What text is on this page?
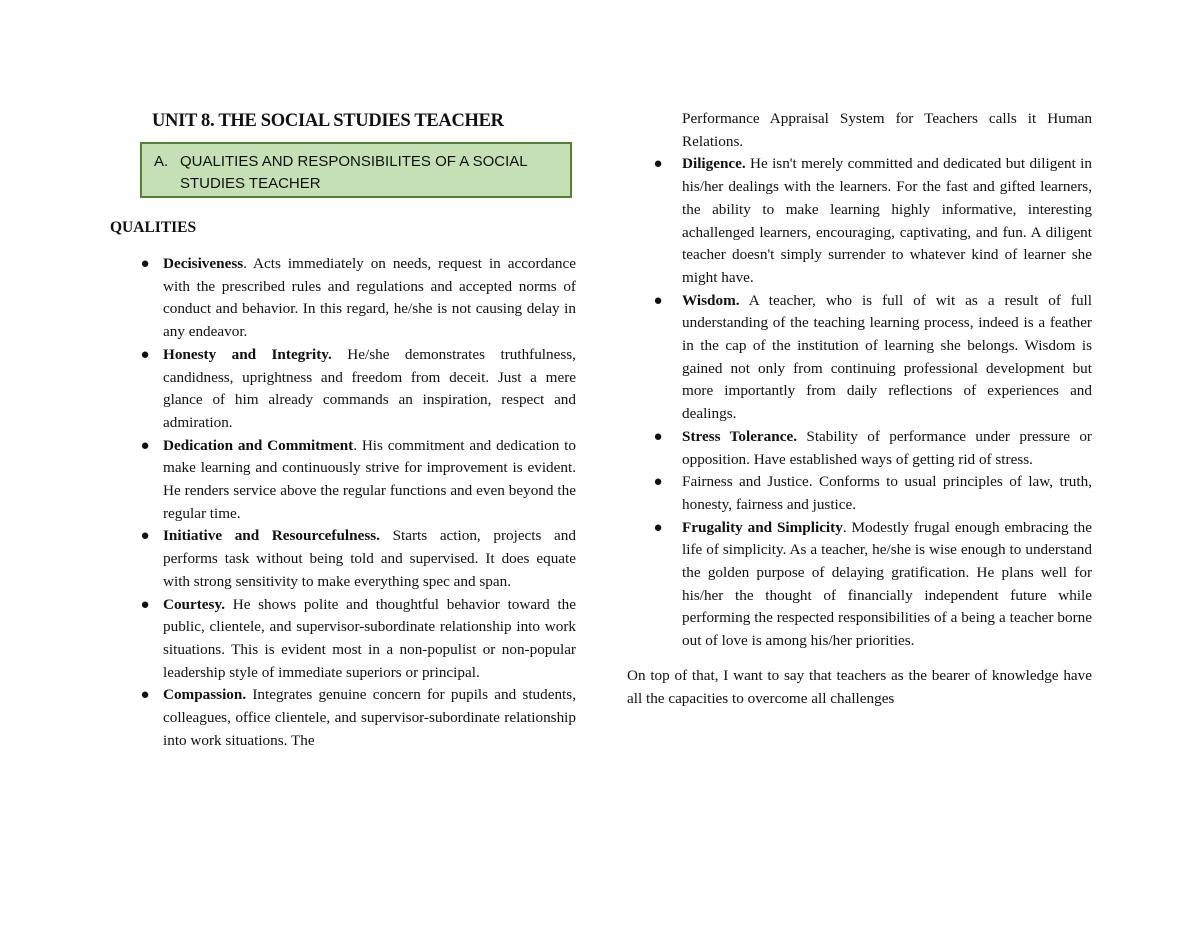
UNIT 8. THE SOCIAL STUDIES TEACHER
A. QUALITIES AND RESPONSIBILITES OF A SOCIAL STUDIES TEACHER
QUALITIES
● Decisiveness. Acts immediately on needs, request in accordance with the prescribed rules and regulations and accepted norms of conduct and behavior. In this regard, he/she is not causing delay in any endeavor.
● Honesty and Integrity. He/she demonstrates truthfulness, candidness, uprightness and freedom from deceit. Just a mere glance of him already commands an inspiration, respect and admiration.
● Dedication and Commitment. His commitment and dedication to make learning and continuously strive for improvement is evident. He renders service above the regular functions and even beyond the regular time.
● Initiative and Resourcefulness. Starts action, projects and performs task without being told and supervised. It does equate with strong sensitivity to make everything spec and span.
● Courtesy. He shows polite and thoughtful behavior toward the public, clientele, and supervisor-subordinate relationship into work situations. This is evident most in a non-populist or non-popular leadership style of immediate superiors or principal.
● Compassion. Integrates genuine concern for pupils and students, colleagues, office clientele, and supervisor-subordinate relationship into work situations. The
Performance Appraisal System for Teachers calls it Human Relations.
● Diligence. He isn't merely committed and dedicated but diligent in his/her dealings with the learners. For the fast and gifted learners, the ability to make learning highly informative, interesting achallenged learners, encouraging, captivating, and fun. A diligent teacher doesn't simply surrender to whatever kind of learner she might have.
● Wisdom. A teacher, who is full of wit as a result of full understanding of the teaching learning process, indeed is a feather in the cap of the institution of learning she belongs. Wisdom is gained not only from continuing professional development but more importantly from daily reflections of experiences and dealings.
● Stress Tolerance. Stability of performance under pressure or opposition. Have established ways of getting rid of stress.
● Fairness and Justice. Conforms to usual principles of law, truth, honesty, fairness and justice.
● Frugality and Simplicity. Modestly frugal enough embracing the life of simplicity. As a teacher, he/she is wise enough to understand the golden purpose of delaying gratification. He plans well for his/her the thought of financially independent future while performing the respected responsibilities of a being a teacher borne out of love is among his/her priorities.
On top of that, I want to say that teachers as the bearer of knowledge have all the capacities to overcome all challenges
